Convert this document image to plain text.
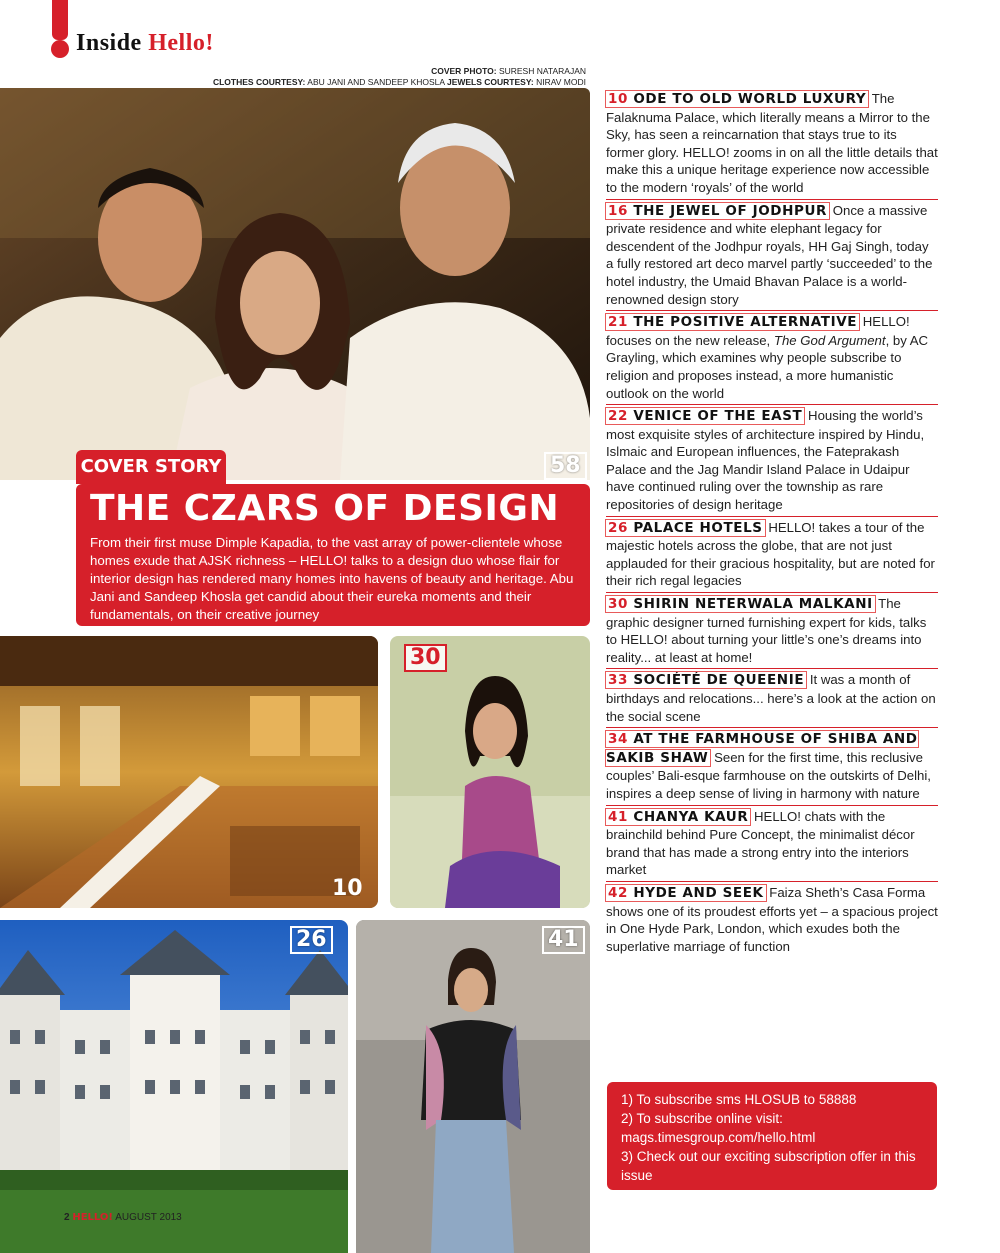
Inside Hello!
COVER PHOTO: SURESH NATARAJAN
CLOTHES COURTESY: ABU JANI AND SANDEEP KHOSLA JEWELS COURTESY: NIRAV MODI
58
COVER STORY
THE CZARS OF DESIGN
From their first muse Dimple Kapadia, to the vast array of power-clientele whose homes exude that AJSK richness – HELLO! talks to a design duo whose flair for interior design has rendered many homes into havens of beauty and heritage. Abu Jani and Sandeep Khosla get candid about their eureka moments and their fundamentals, on their creative journey
10
30
26	41
10 ODE TO OLD WORLD LUXURY The Falaknuma Palace, which literally means a Mirror to the Sky, has seen a reincarnation that stays true to its former glory. HELLO! zooms in on all the little details that make this a unique heritage experience now accessible to the modern ‘royals’ of the world
16 THE JEWEL OF JODHPUR Once a massive private residence and white elephant legacy for descendent of the Jodhpur royals, HH Gaj Singh, today a fully restored art deco marvel partly ‘succeeded’ to the hotel industry, the Umaid Bhavan Palace is a world-renowned design story
21 THE POSITIVE ALTERNATIVE HELLO! focuses on the new release, The God Argument, by AC Grayling, which examines why people subscribe to religion and proposes instead, a more humanistic outlook on the world
22 VENICE OF THE EAST Housing the world’s most exquisite styles of architecture inspired by Hindu, Islmaic and European influences, the Fateprakash Palace and the Jag Mandir Island Palace in Udaipur have continued ruling over the township as rare repositories of design heritage
26 PALACE HOTELS HELLO! takes a tour of the majestic hotels across the globe, that are not just applauded for their gracious hospitality, but are noted for their rich regal legacies
30 SHIRIN NETERWALA MALKANI The graphic designer turned furnishing expert for kids, talks to HELLO! about turning your little’s one’s dreams into reality... at least at home!
33 SOCIÉTÉ DE QUEENIE It was a month of birthdays and relocations... here’s a look at the action on the social scene
34 AT THE FARMHOUSE OF SHIBA AND SAKIB SHAW Seen for the first time, this reclusive couples’ Bali-esque farmhouse on the outskirts of Delhi, inspires a deep sense of living in harmony with nature
41 CHANYA KAUR HELLO! chats with the brainchild behind Pure Concept, the minimalist décor brand that has made a strong entry into the interiors market
42 HYDE AND SEEK Faiza Sheth’s Casa Forma shows one of its proudest efforts yet – a spacious project in One Hyde Park, London, which exudes both the superlative marriage of function
1) To subscribe sms HLOSUB to 58888
2) To subscribe online visit: mags.timesgroup.com/hello.html
3) Check out our exciting subscription offer in this issue
2 HELLO! AUGUST 2013
